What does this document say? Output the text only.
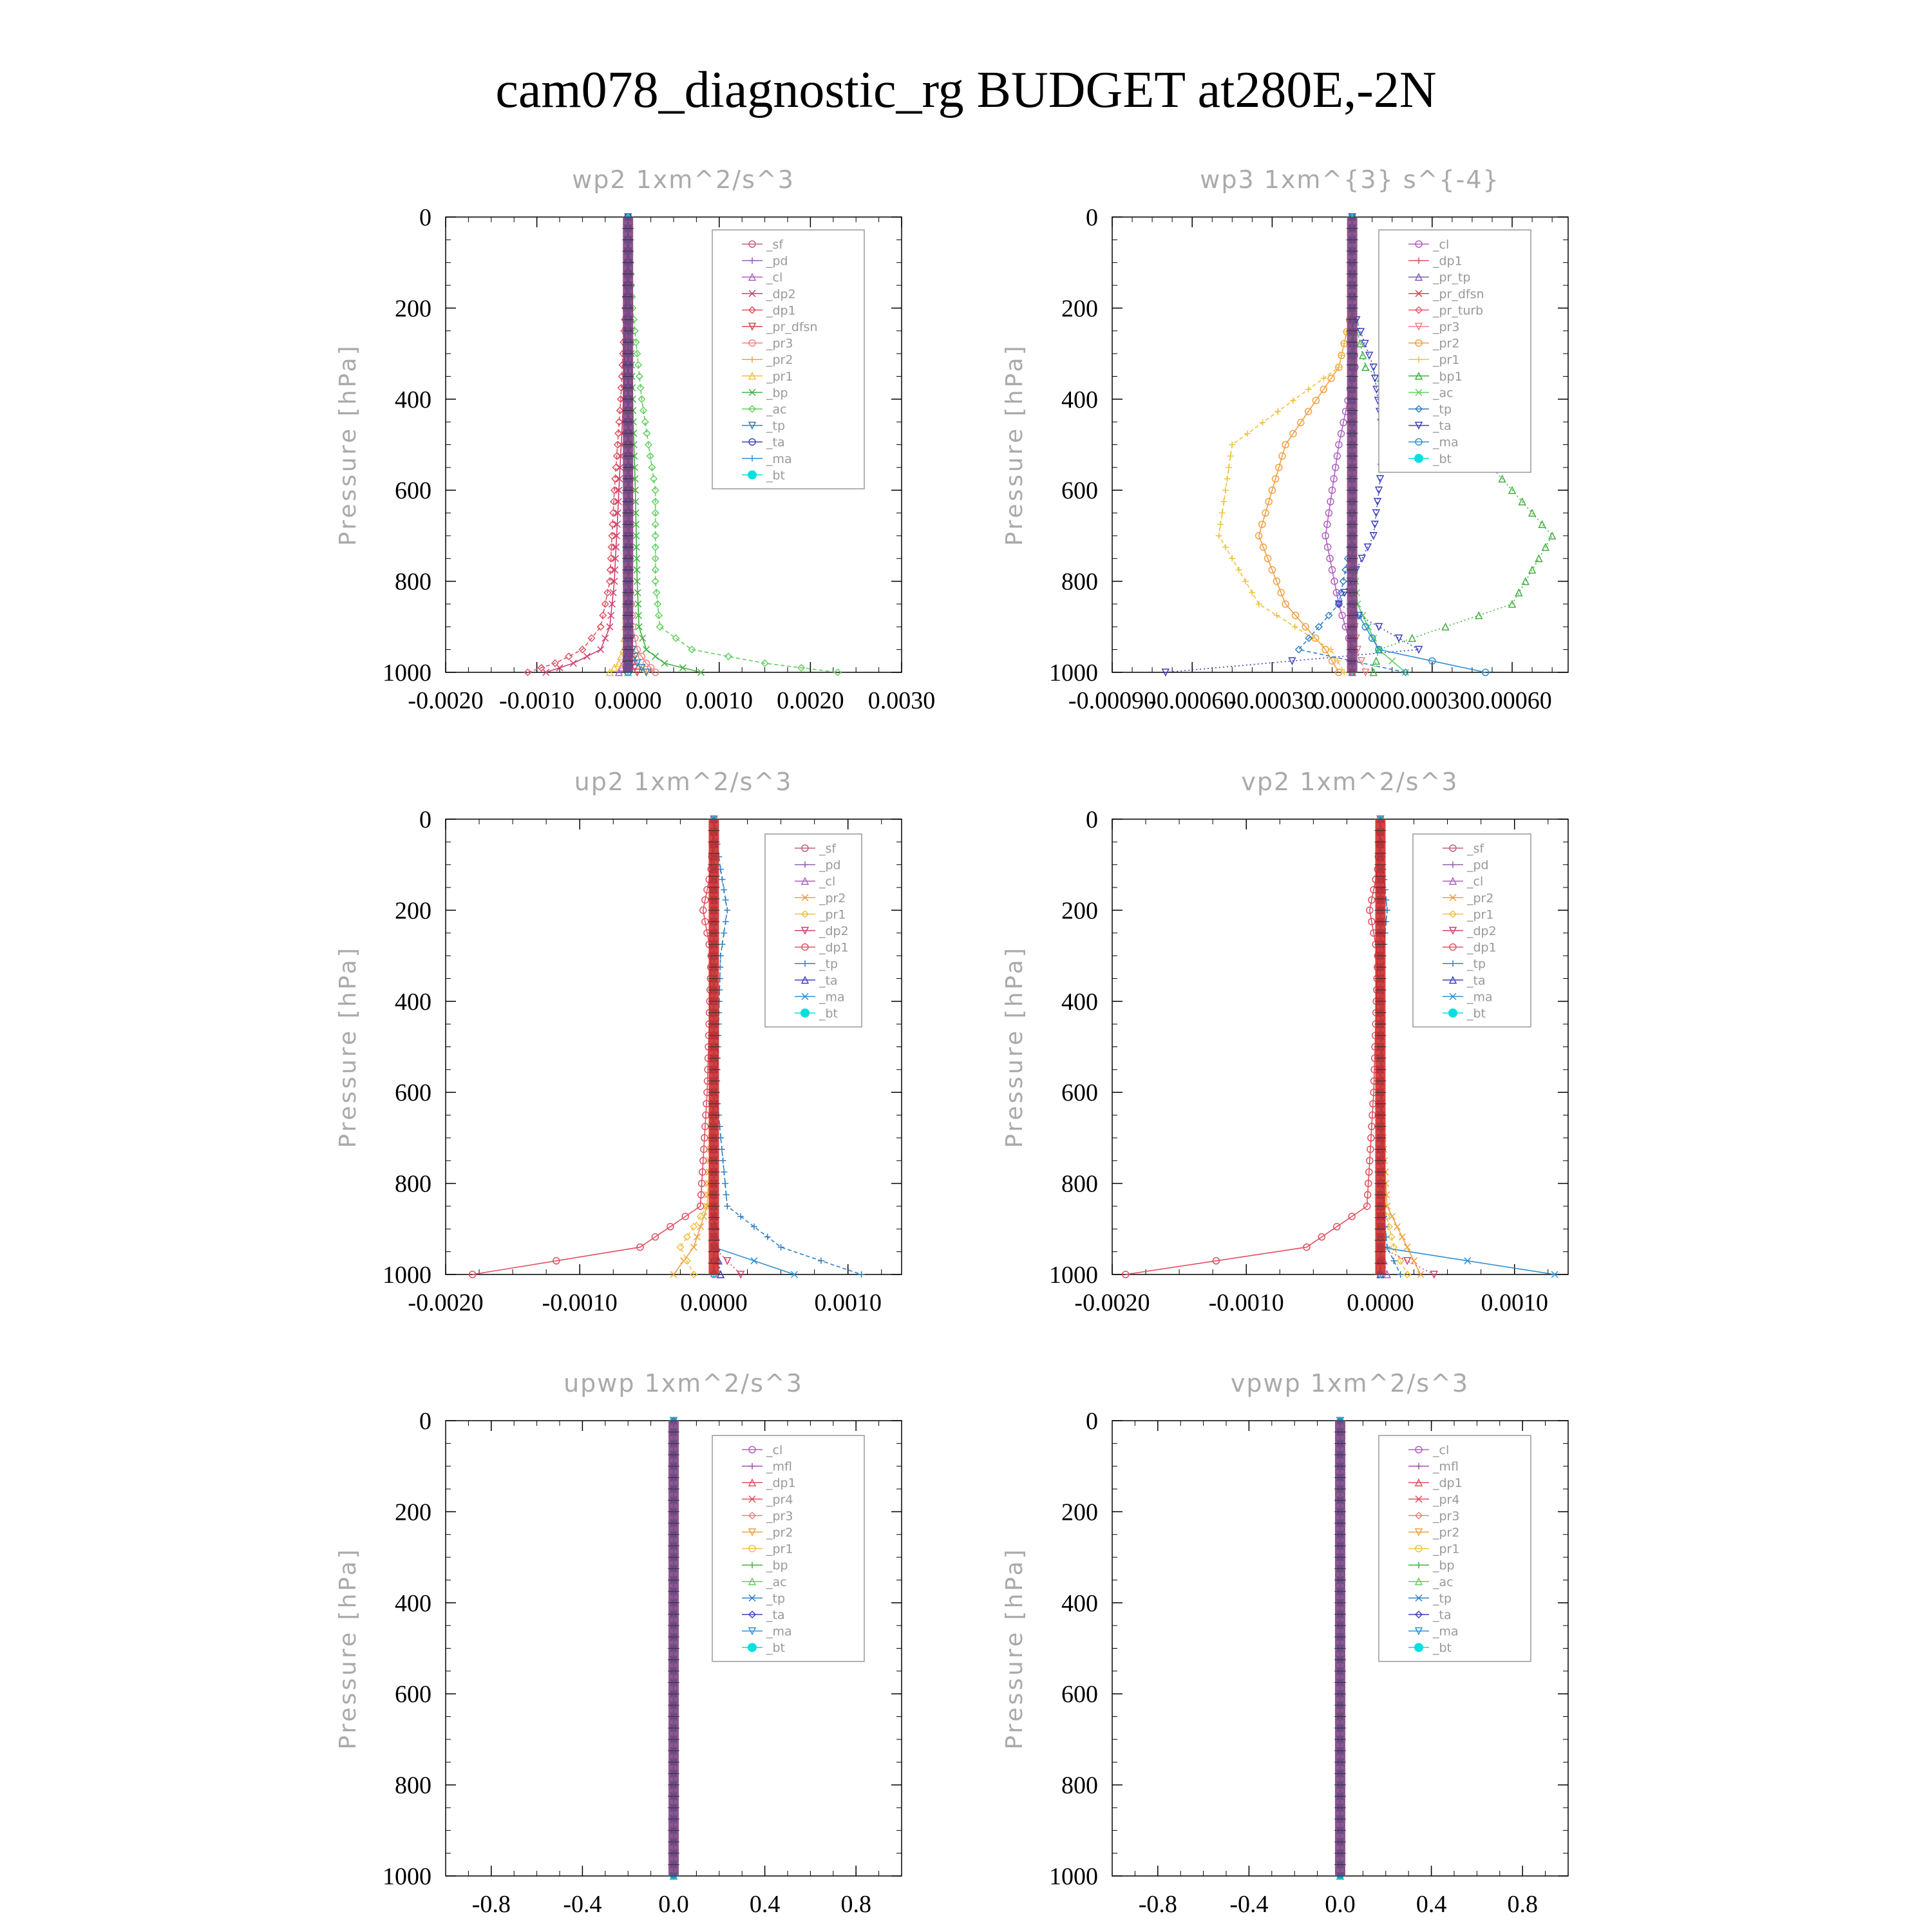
cam078_diagnostic_rg BUDGET at280E,-2N
0
200
400
600
800
1000
-0.0020 -0.0010 0.0000 0.0010 0.0020 0.0030
wp2 1xm^2/s^3
Pressure [hPa]
_sf
_pd
_cl
_dp2
_dp1
_pr_dfsn
_pr3
_pr2
_pr1
_bp
_ac
_tp
_ta
_ma
_bt
0
200
400
600
800
1000
-0.00090
-0.00060
-0.00030
0.00000 0.00030 0.00060
wp3 1xm^{3} s^{-4}
Pressure [hPa]
_cl
_dp1
_pr_tp
_pr_dfsn
_pr_turb
_pr3
_pr2
_pr1
_bp1
_ac
_tp
_ta
_ma
_bt
0
200
400
600
800
1000
-0.0020 -0.0010	0.0000	0.0010
up2 1xm^2/s^3
Pressure [hPa]
_sf
_pd
_cl
_pr2
_pr1
_dp2
_dp1
_tp
_ta
_ma
_bt
0
200
400
600
800
1000
-0.0020 -0.0010	0.0000	0.0010
vp2 1xm^2/s^3
Pressure [hPa]
_sf
_pd
_cl
_pr2
_pr1
_dp2
_dp1
_tp
_ta
_ma
_bt
0
200
400
600
800
1000
-0.8 -0.4 0.0 0.4 0.8
upwp 1xm^2/s^3
Pressure [hPa]
_cl
_mfl
_dp1
_pr4
_pr3
_pr2
_pr1
_bp
_ac
_tp
_ta
_ma
_bt
0
200
400
600
800
1000
-0.8 -0.4 0.0 0.4 0.8
vpwp 1xm^2/s^3
Pressure [hPa]
_cl
_mfl
_dp1
_pr4
_pr3
_pr2
_pr1
_bp
_ac
_tp
_ta
_ma
_bt
